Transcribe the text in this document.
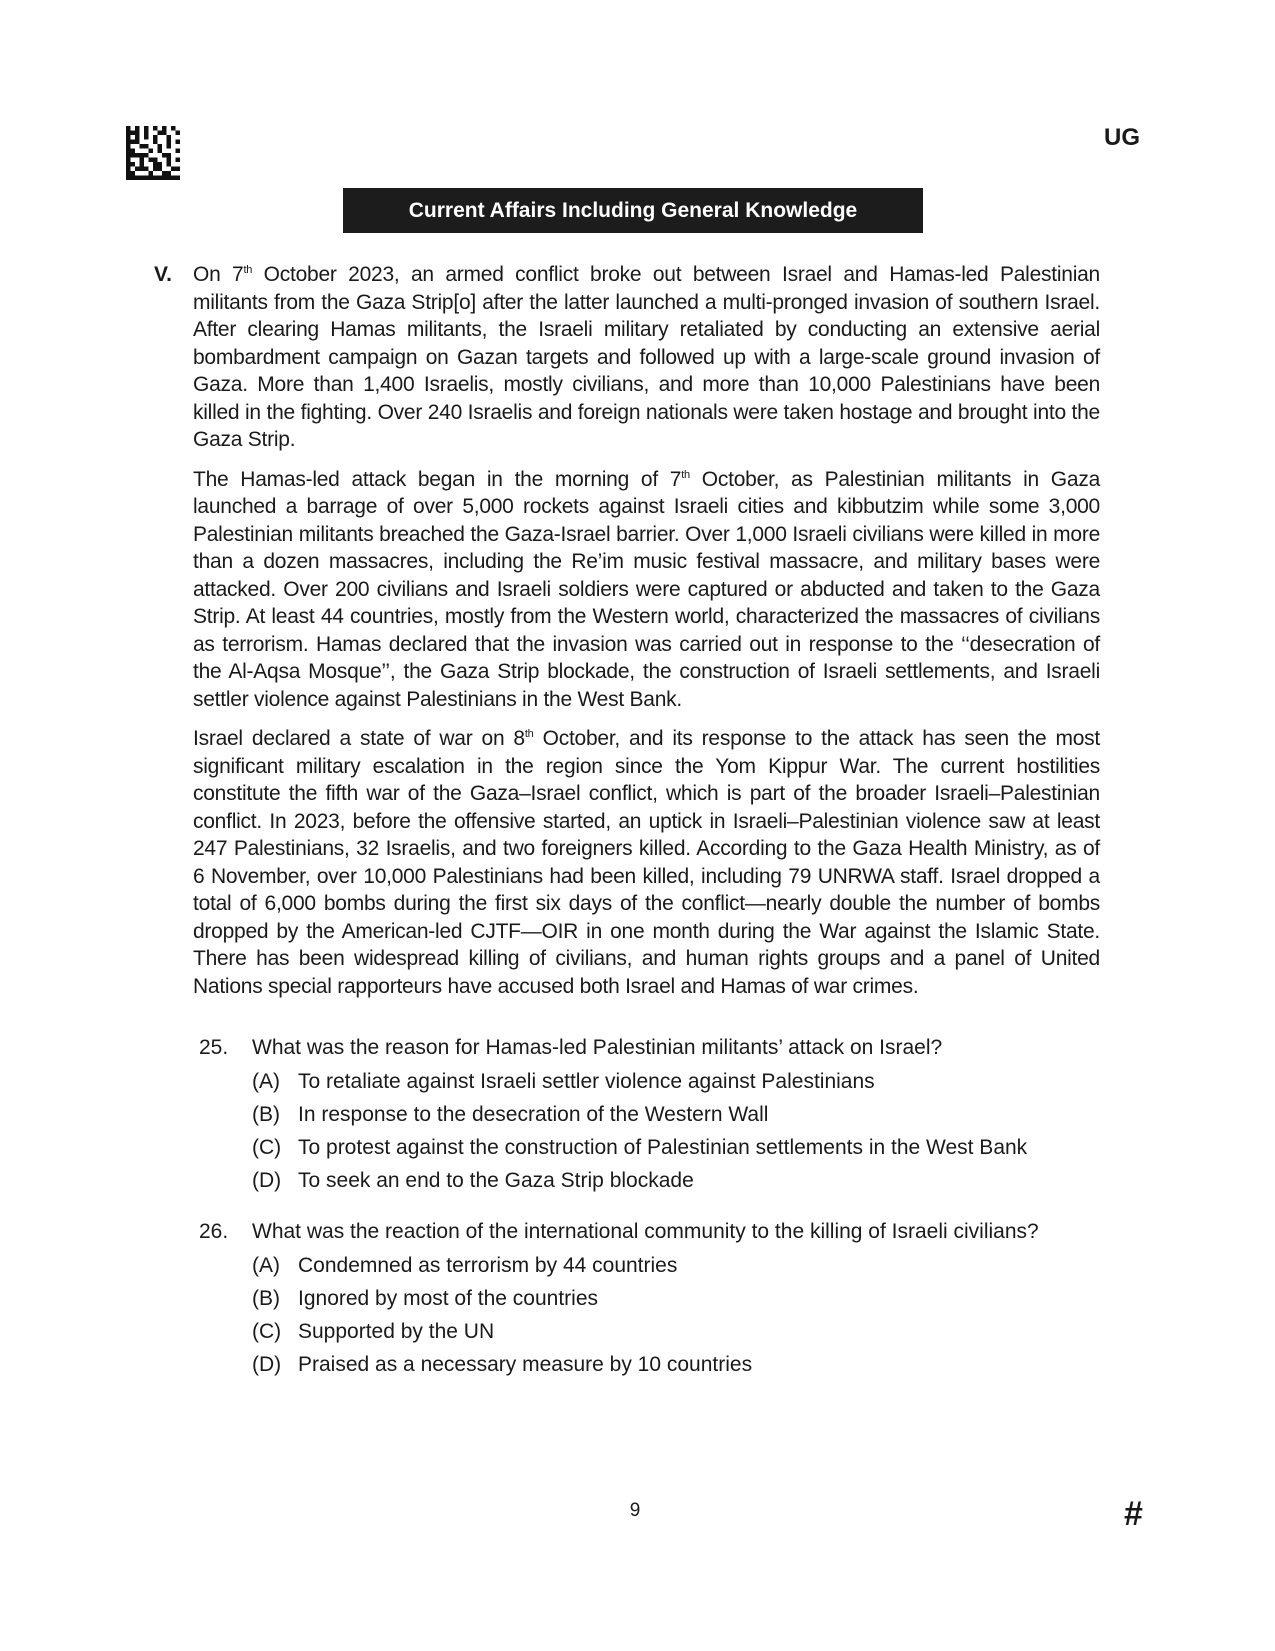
UG
Current Affairs Including General Knowledge
V. On 7th October 2023, an armed conflict broke out between Israel and Hamas-led Palestinian militants from the Gaza Strip[o] after the latter launched a multi-pronged invasion of southern Israel. After clearing Hamas militants, the Israeli military retaliated by conducting an extensive aerial bombardment campaign on Gazan targets and followed up with a large-scale ground invasion of Gaza. More than 1,400 Israelis, mostly civilians, and more than 10,000 Palestinians have been killed in the fighting. Over 240 Israelis and foreign nationals were taken hostage and brought into the Gaza Strip.

The Hamas-led attack began in the morning of 7th October, as Palestinian militants in Gaza launched a barrage of over 5,000 rockets against Israeli cities and kibbutzim while some 3,000 Palestinian militants breached the Gaza-Israel barrier. Over 1,000 Israeli civilians were killed in more than a dozen massacres, including the Re’im music festival massacre, and military bases were attacked. Over 200 civilians and Israeli soldiers were captured or abducted and taken to the Gaza Strip. At least 44 countries, mostly from the Western world, characterized the massacres of civilians as terrorism. Hamas declared that the invasion was carried out in response to the ‘‘desecration of the Al-Aqsa Mosque’’, the Gaza Strip blockade, the construction of Israeli settlements, and Israeli settler violence against Palestinians in the West Bank.

Israel declared a state of war on 8th October, and its response to the attack has seen the most significant military escalation in the region since the Yom Kippur War. The current hostilities constitute the fifth war of the Gaza–Israel conflict, which is part of the broader Israeli–Palestinian conflict. In 2023, before the offensive started, an uptick in Israeli–Palestinian violence saw at least 247 Palestinians, 32 Israelis, and two foreigners killed. According to the Gaza Health Ministry, as of 6 November, over 10,000 Palestinians had been killed, including 79 UNRWA staff. Israel dropped a total of 6,000 bombs during the first six days of the conflict—nearly double the number of bombs dropped by the American-led CJTF—OIR in one month during the War against the Islamic State. There has been widespread killing of civilians, and human rights groups and a panel of United Nations special rapporteurs have accused both Israel and Hamas of war crimes.

25.	What was the reason for Hamas-led Palestinian militants’ attack on Israel?
(A) To retaliate against Israeli settler violence against Palestinians
(B) In response to the desecration of the Western Wall
(C) To protest against the construction of Palestinian settlements in the West Bank
(D) To seek an end to the Gaza Strip blockade
26.	What was the reaction of the international community to the killing of Israeli civilians?
(A) Condemned as terrorism by 44 countries
(B) Ignored by most of the countries
(C) Supported by the UN
(D) Praised as a necessary measure by 10 countries
9	#
